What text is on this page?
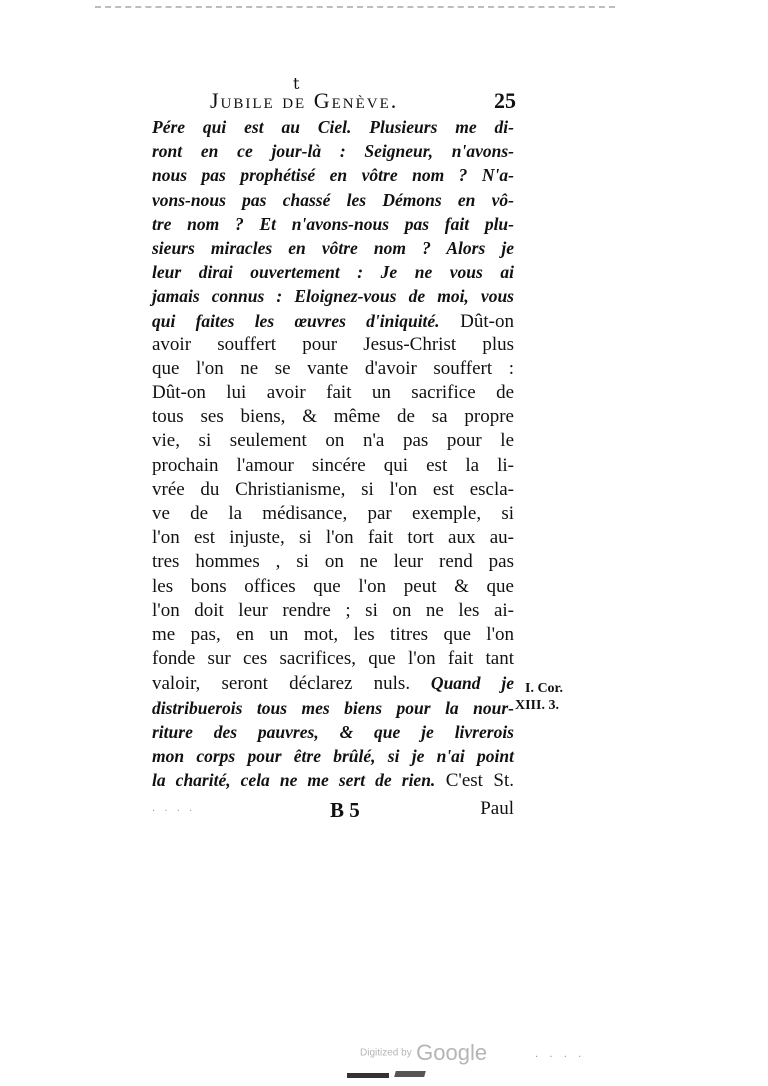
t
Jubile de Genève.	25
Pére qui est au Ciel. Plusieurs me di-
ront en ce jour-là : Seigneur, n'avons-
nous pas prophétisé en vôtre nom ? N'a-
vons-nous pas chassé les Démons en vô-
tre nom ? Et n'avons-nous pas fait plu-
sieurs miracles en vôtre nom ? Alors je
leur dirai ouvertement : Je ne vous ai
jamais connus : Eloignez-vous de moi, vous
qui faites les œuvres d'iniquité. Dût-on
avoir souffert pour Jesus-Christ plus
que l'on ne se vante d'avoir souffert :
Dût-on lui avoir fait un sacrifice de
tous ses biens, & même de sa propre
vie, si seulement on n'a pas pour le
prochain l'amour sincére qui est la li-
vrée du Christianisme, si l'on est escla-
ve de la médisance, par exemple, si
l'on est injuste, si l'on fait tort aux au-
tres hommes , si on ne leur rend pas
les bons offices que l'on peut & que
l'on doit leur rendre ; si on ne les ai-
me pas, en un mot, les titres que l'on
fonde sur ces sacrifices, que l'on fait tant
valoir, seront déclarez nuls. Quand je
distribuerois tous mes biens pour la nour-
riture des pauvres, & que je livrerois
mon corps pour être brûlé, si je n'ai point
la charité, cela ne me sert de rien. C'est St.
I. Cor.
XIII. 3.
· · · ·	B 5	Paul
Digitized by Google	· · · ·
